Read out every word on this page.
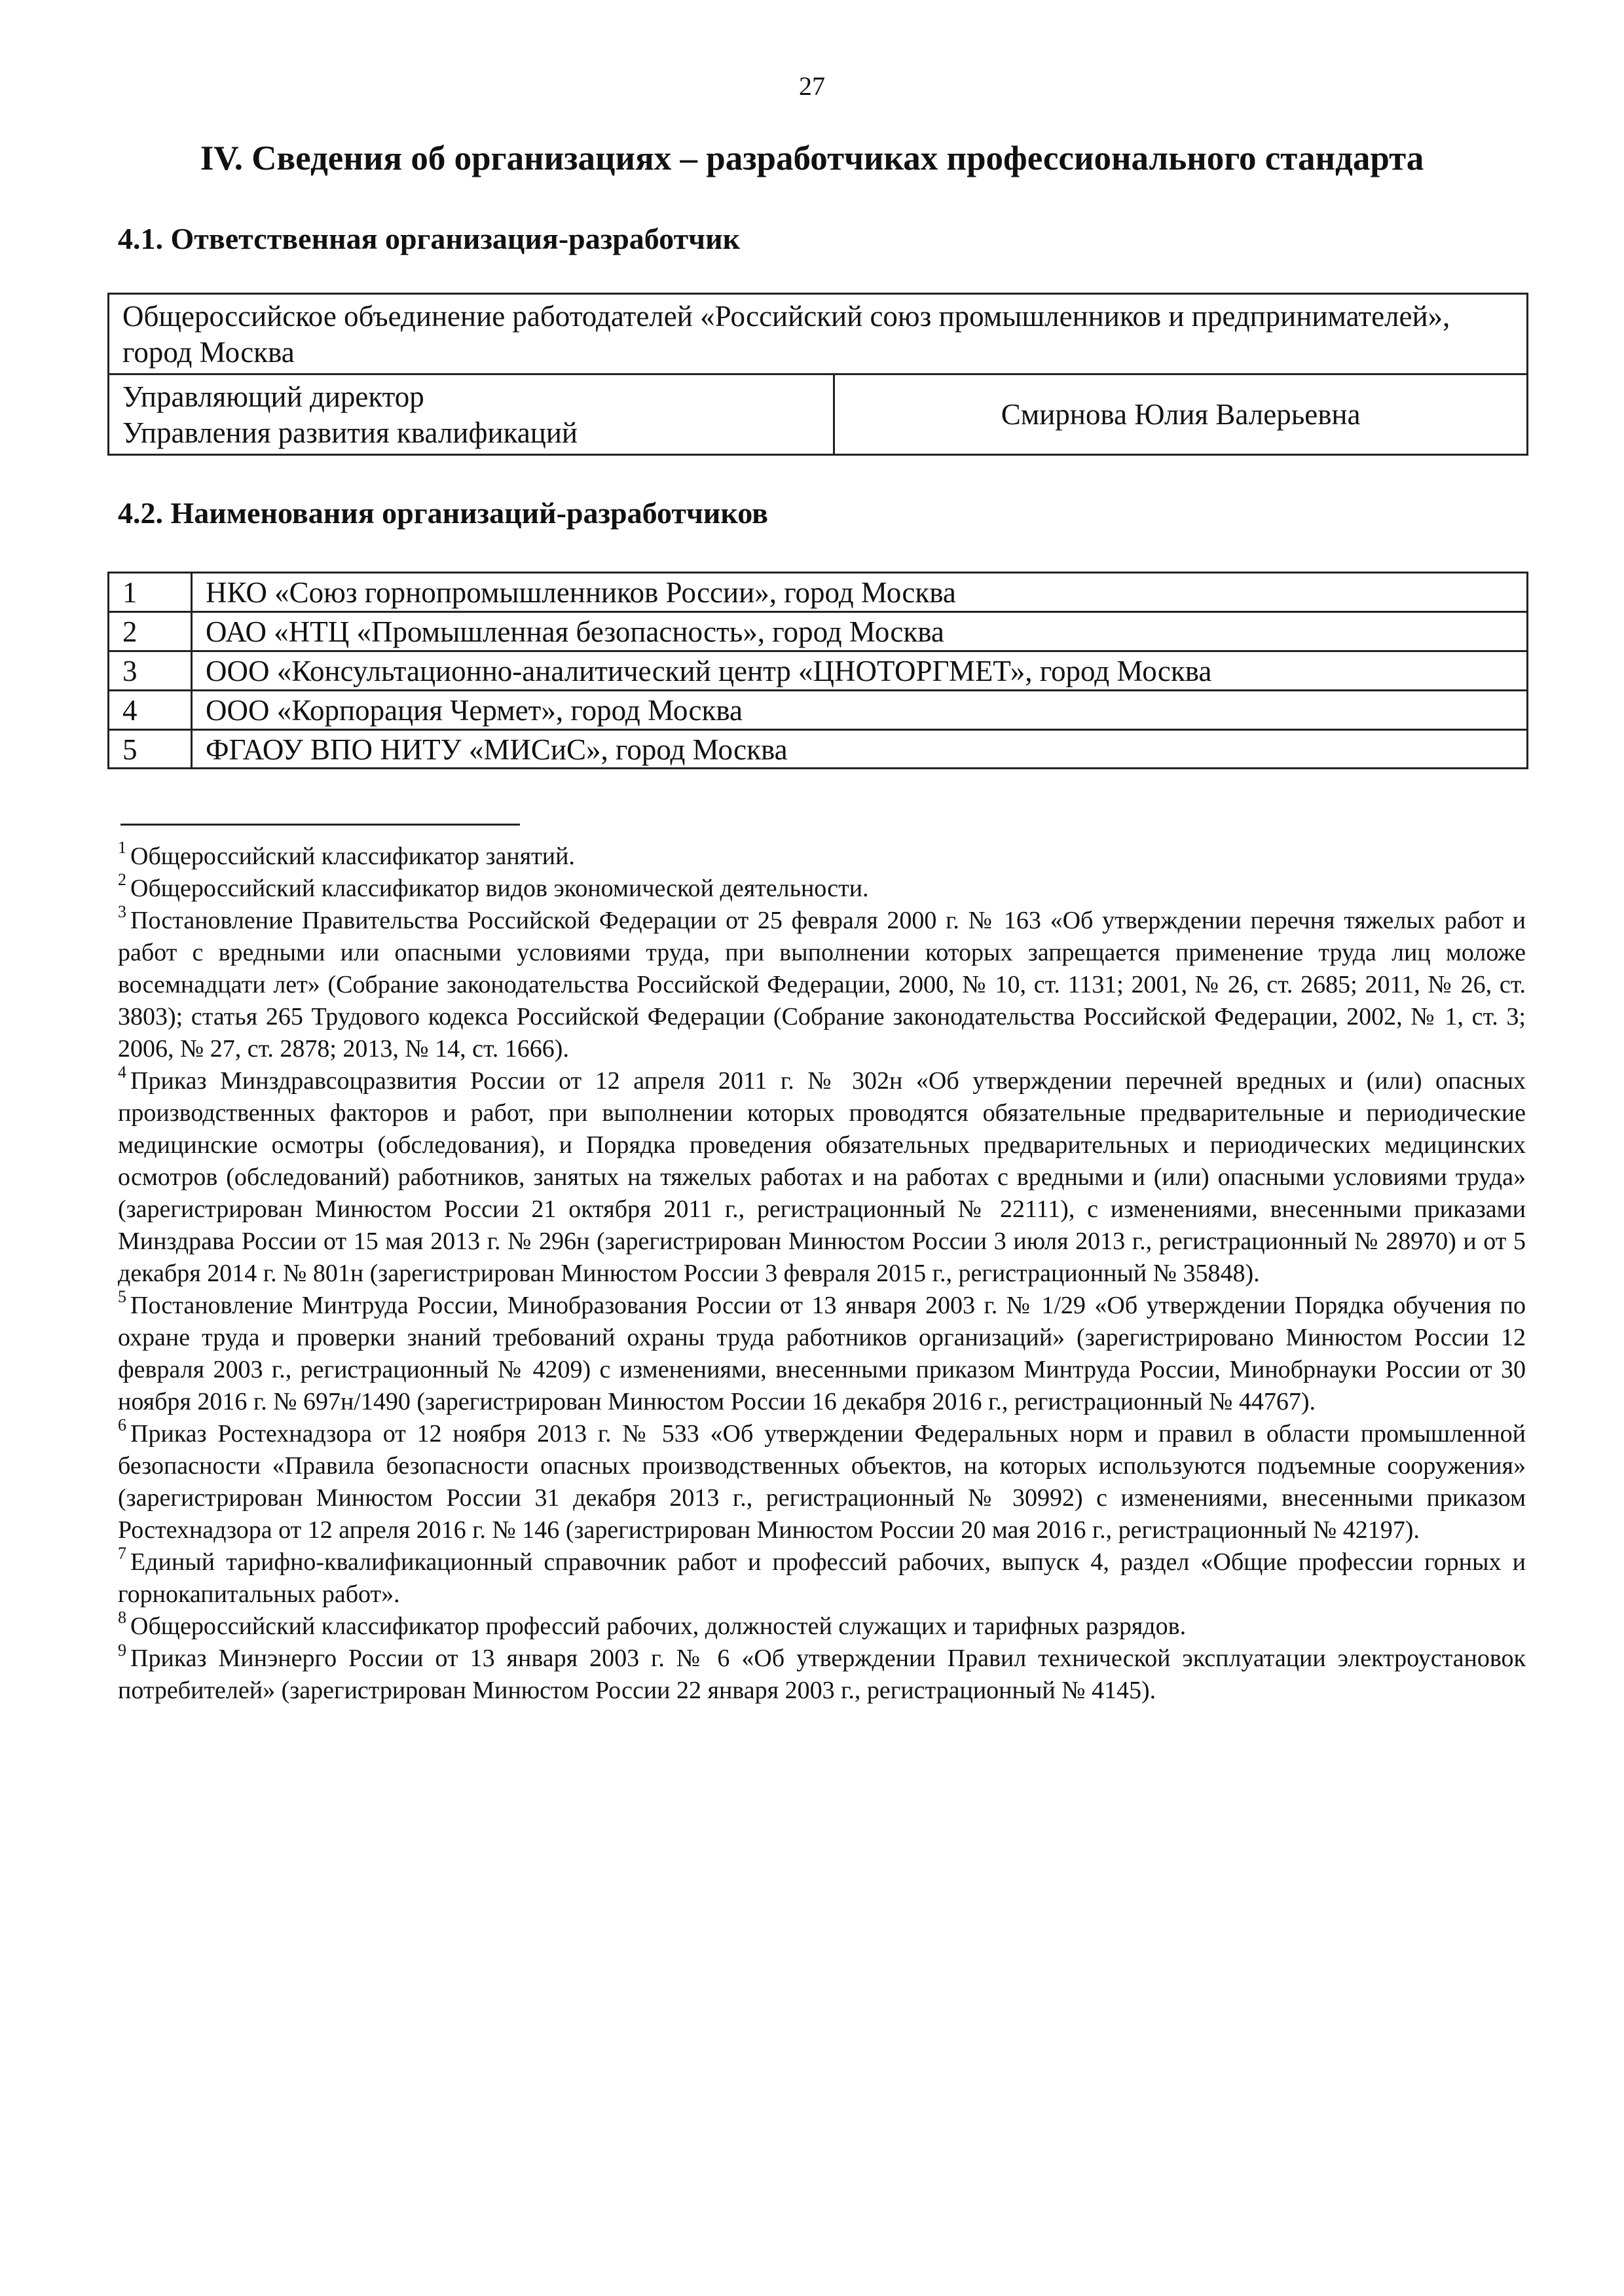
27
IV. Сведения об организациях – разработчиках профессионального стандарта
4.1. Ответственная организация-разработчик
Общероссийское объединение работодателей «Российский союз промышленников и предпринимателей», город Москва

Управляющий директор
Управления развития квалификаций
	Смирнова Юлия Валерьевна
4.2. Наименования организаций-разработчиков
1	НКО «Союз горнопромышленников России», город Москва
2	ОАО «НТЦ «Промышленная безопасность», город Москва
3	ООО «Консультационно-аналитический центр «ЦНОТОРГМЕТ», город Москва
4	ООО «Корпорация Чермет», город Москва
5	ФГАОУ ВПО НИТУ «МИСиС», город Москва

$^1$ Общероссийский классификатор занятий.

$^2$ Общероссийский классификатор видов экономической деятельности.

$^3$ Постановление Правительства Российской Федерации от 25 февраля 2000 г. № 163 «Об утверждении перечня тяжелых работ и работ с вредными или опасными условиями труда, при выполнении которых запрещается применение труда лиц моложе восемнадцати лет» (Собрание законодательства Российской Федерации, 2000, № 10, ст. 1131; 2001, № 26, ст. 2685; 2011, № 26, ст. 3803); статья 265 Трудового кодекса Российской Федерации (Собрание законодательства Российской Федерации, 2002, № 1, ст. 3; 2006, № 27, ст. 2878; 2013, № 14, ст. 1666).

$^4$ Приказ Минздравсоцразвития России от 12 апреля 2011 г. № 302н «Об утверждении перечней вредных и (или) опасных производственных факторов и работ, при выполнении которых проводятся обязательные предварительные и периодические медицинские осмотры (обследования), и Порядка проведения обязательных предварительных и периодических медицинских осмотров (обследований) работников, занятых на тяжелых работах и на работах с вредными и (или) опасными условиями труда» (зарегистрирован Минюстом России 21 октября 2011 г., регистрационный № 22111), с изменениями, внесенными приказами Минздрава России от 15 мая 2013 г. № 296н (зарегистрирован Минюстом России 3 июля 2013 г., регистрационный № 28970) и от 5 декабря 2014 г. № 801н (зарегистрирован Минюстом России 3 февраля 2015 г., регистрационный № 35848).

$^5$ Постановление Минтруда России, Минобразования России от 13 января 2003 г. № 1/29 «Об утверждении Порядка обучения по охране труда и проверки знаний требований охраны труда работников организаций» (зарегистрировано Минюстом России 12 февраля 2003 г., регистрационный № 4209) с изменениями, внесенными приказом Минтруда России, Минобрнауки России от 30 ноября 2016 г. № 697н/1490 (зарегистрирован Минюстом России 16 декабря 2016 г., регистрационный № 44767).

$^6$ Приказ Ростехнадзора от 12 ноября 2013 г. № 533 «Об утверждении Федеральных норм и правил в области промышленной безопасности «Правила безопасности опасных производственных объектов, на которых используются подъемные сооружения» (зарегистрирован Минюстом России 31 декабря 2013 г., регистрационный № 30992) с изменениями, внесенными приказом Ростехнадзора от 12 апреля 2016 г. № 146 (зарегистрирован Минюстом России 20 мая 2016 г., регистрационный № 42197).

$^7$ Единый тарифно-квалификационный справочник работ и профессий рабочих, выпуск 4, раздел «Общие профессии горных и горнокапитальных работ».

$^8$ Общероссийский классификатор профессий рабочих, должностей служащих и тарифных разрядов.

$^9$ Приказ Минэнерго России от 13 января 2003 г. № 6 «Об утверждении Правил технической эксплуатации электроустановок потребителей» (зарегистрирован Минюстом России 22 января 2003 г., регистрационный № 4145).
